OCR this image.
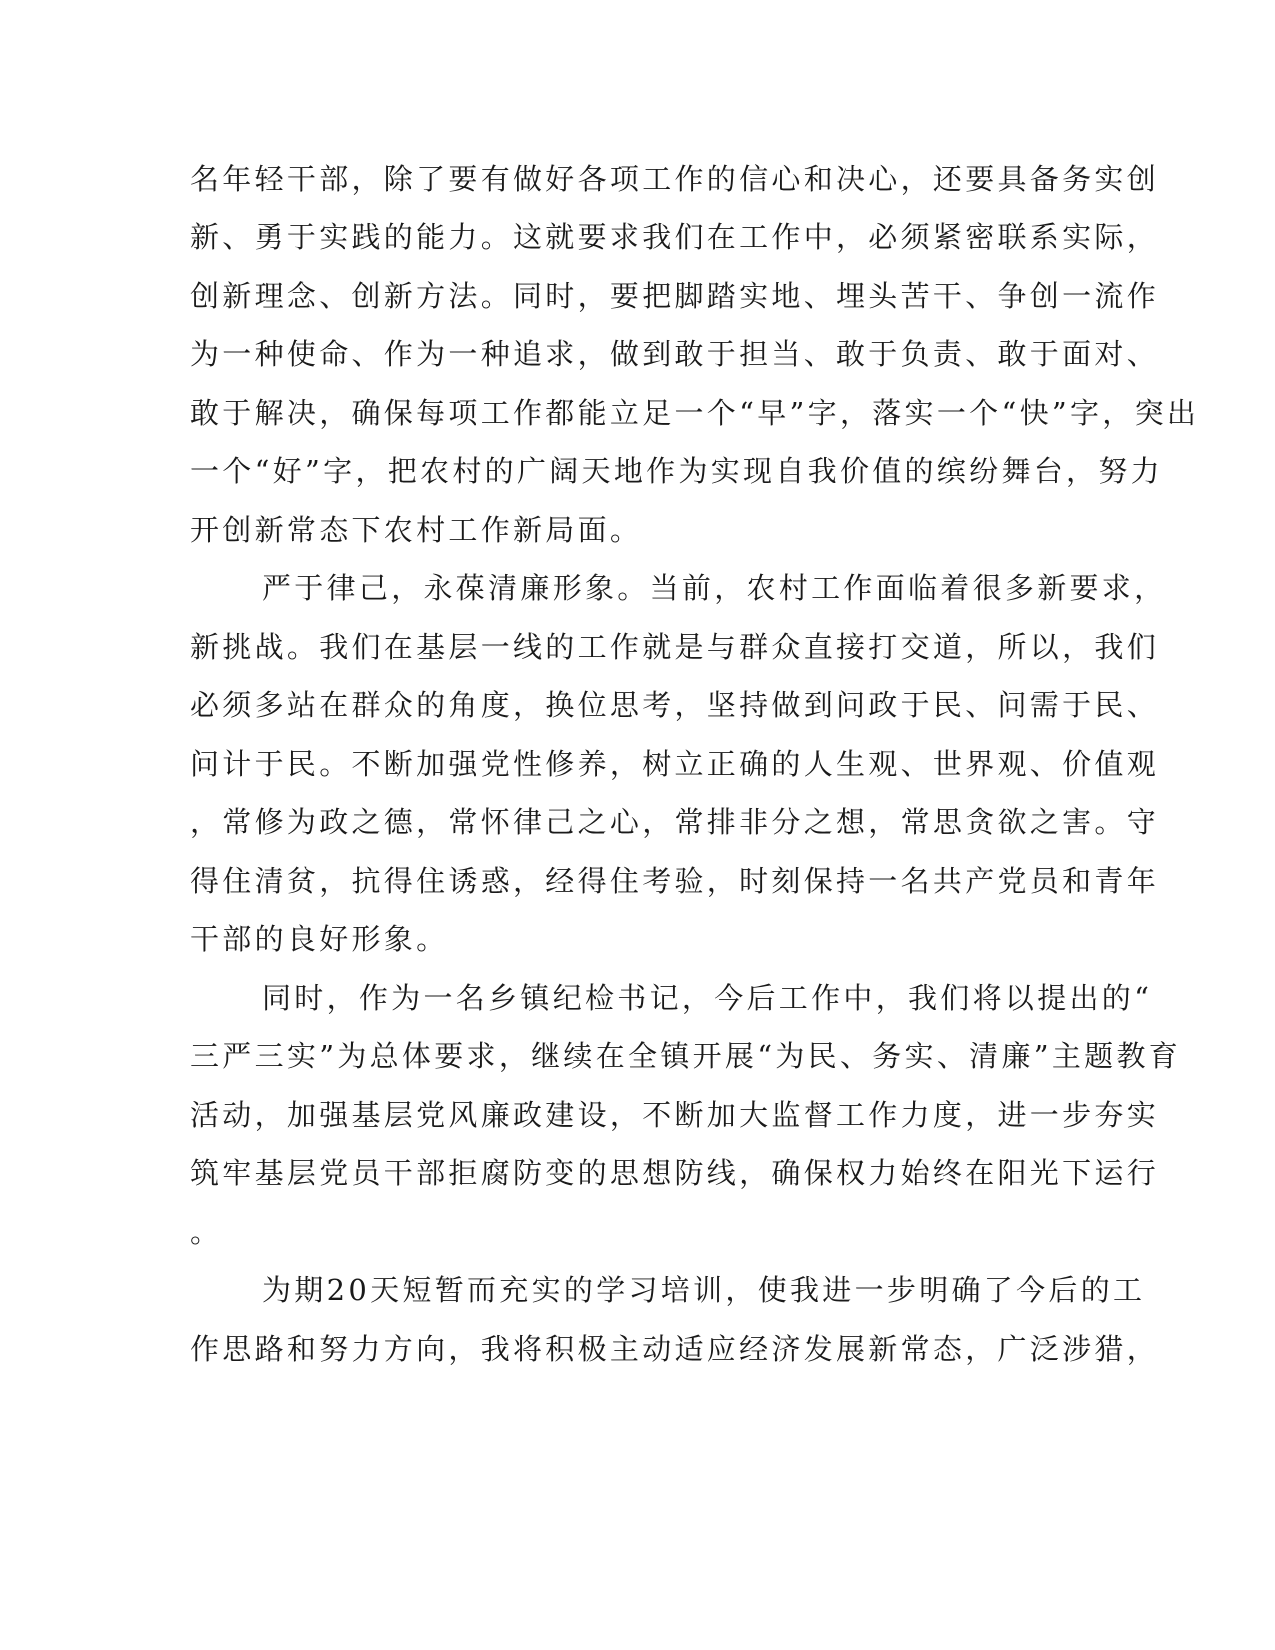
名年轻干部，除了要有做好各项工作的信心和决心，还要具备务实创
新、勇于实践的能力。这就要求我们在工作中，必须紧密联系实际，
创新理念、创新方法。同时，要把脚踏实地、埋头苦干、争创一流作
为一种使命、作为一种追求，做到敢于担当、敢于负责、敢于面对、
敢于解决，确保每项工作都能立足一个“早”字，落实一个“快”字，突出
一个“好”字，把农村的广阔天地作为实现自我价值的缤纷舞台，努力
开创新常态下农村工作新局面。
严于律己，永葆清廉形象。当前，农村工作面临着很多新要求，
新挑战。我们在基层一线的工作就是与群众直接打交道，所以，我们
必须多站在群众的角度，换位思考，坚持做到问政于民、问需于民、
问计于民。不断加强党性修养，树立正确的人生观、世界观、价值观
，常修为政之德，常怀律己之心，常排非分之想，常思贪欲之害。守
得住清贫，抗得住诱惑，经得住考验，时刻保持一名共产党员和青年
干部的良好形象。
同时，作为一名乡镇纪检书记，今后工作中，我们将以提出的“
三严三实”为总体要求，继续在全镇开展“为民、务实、清廉”主题教育
活动，加强基层党风廉政建设，不断加大监督工作力度，进一步夯实
筑牢基层党员干部拒腐防变的思想防线，确保权力始终在阳光下运行
。
为期20天短暂而充实的学习培训，使我进一步明确了今后的工
作思路和努力方向，我将积极主动适应经济发展新常态，广泛涉猎，
